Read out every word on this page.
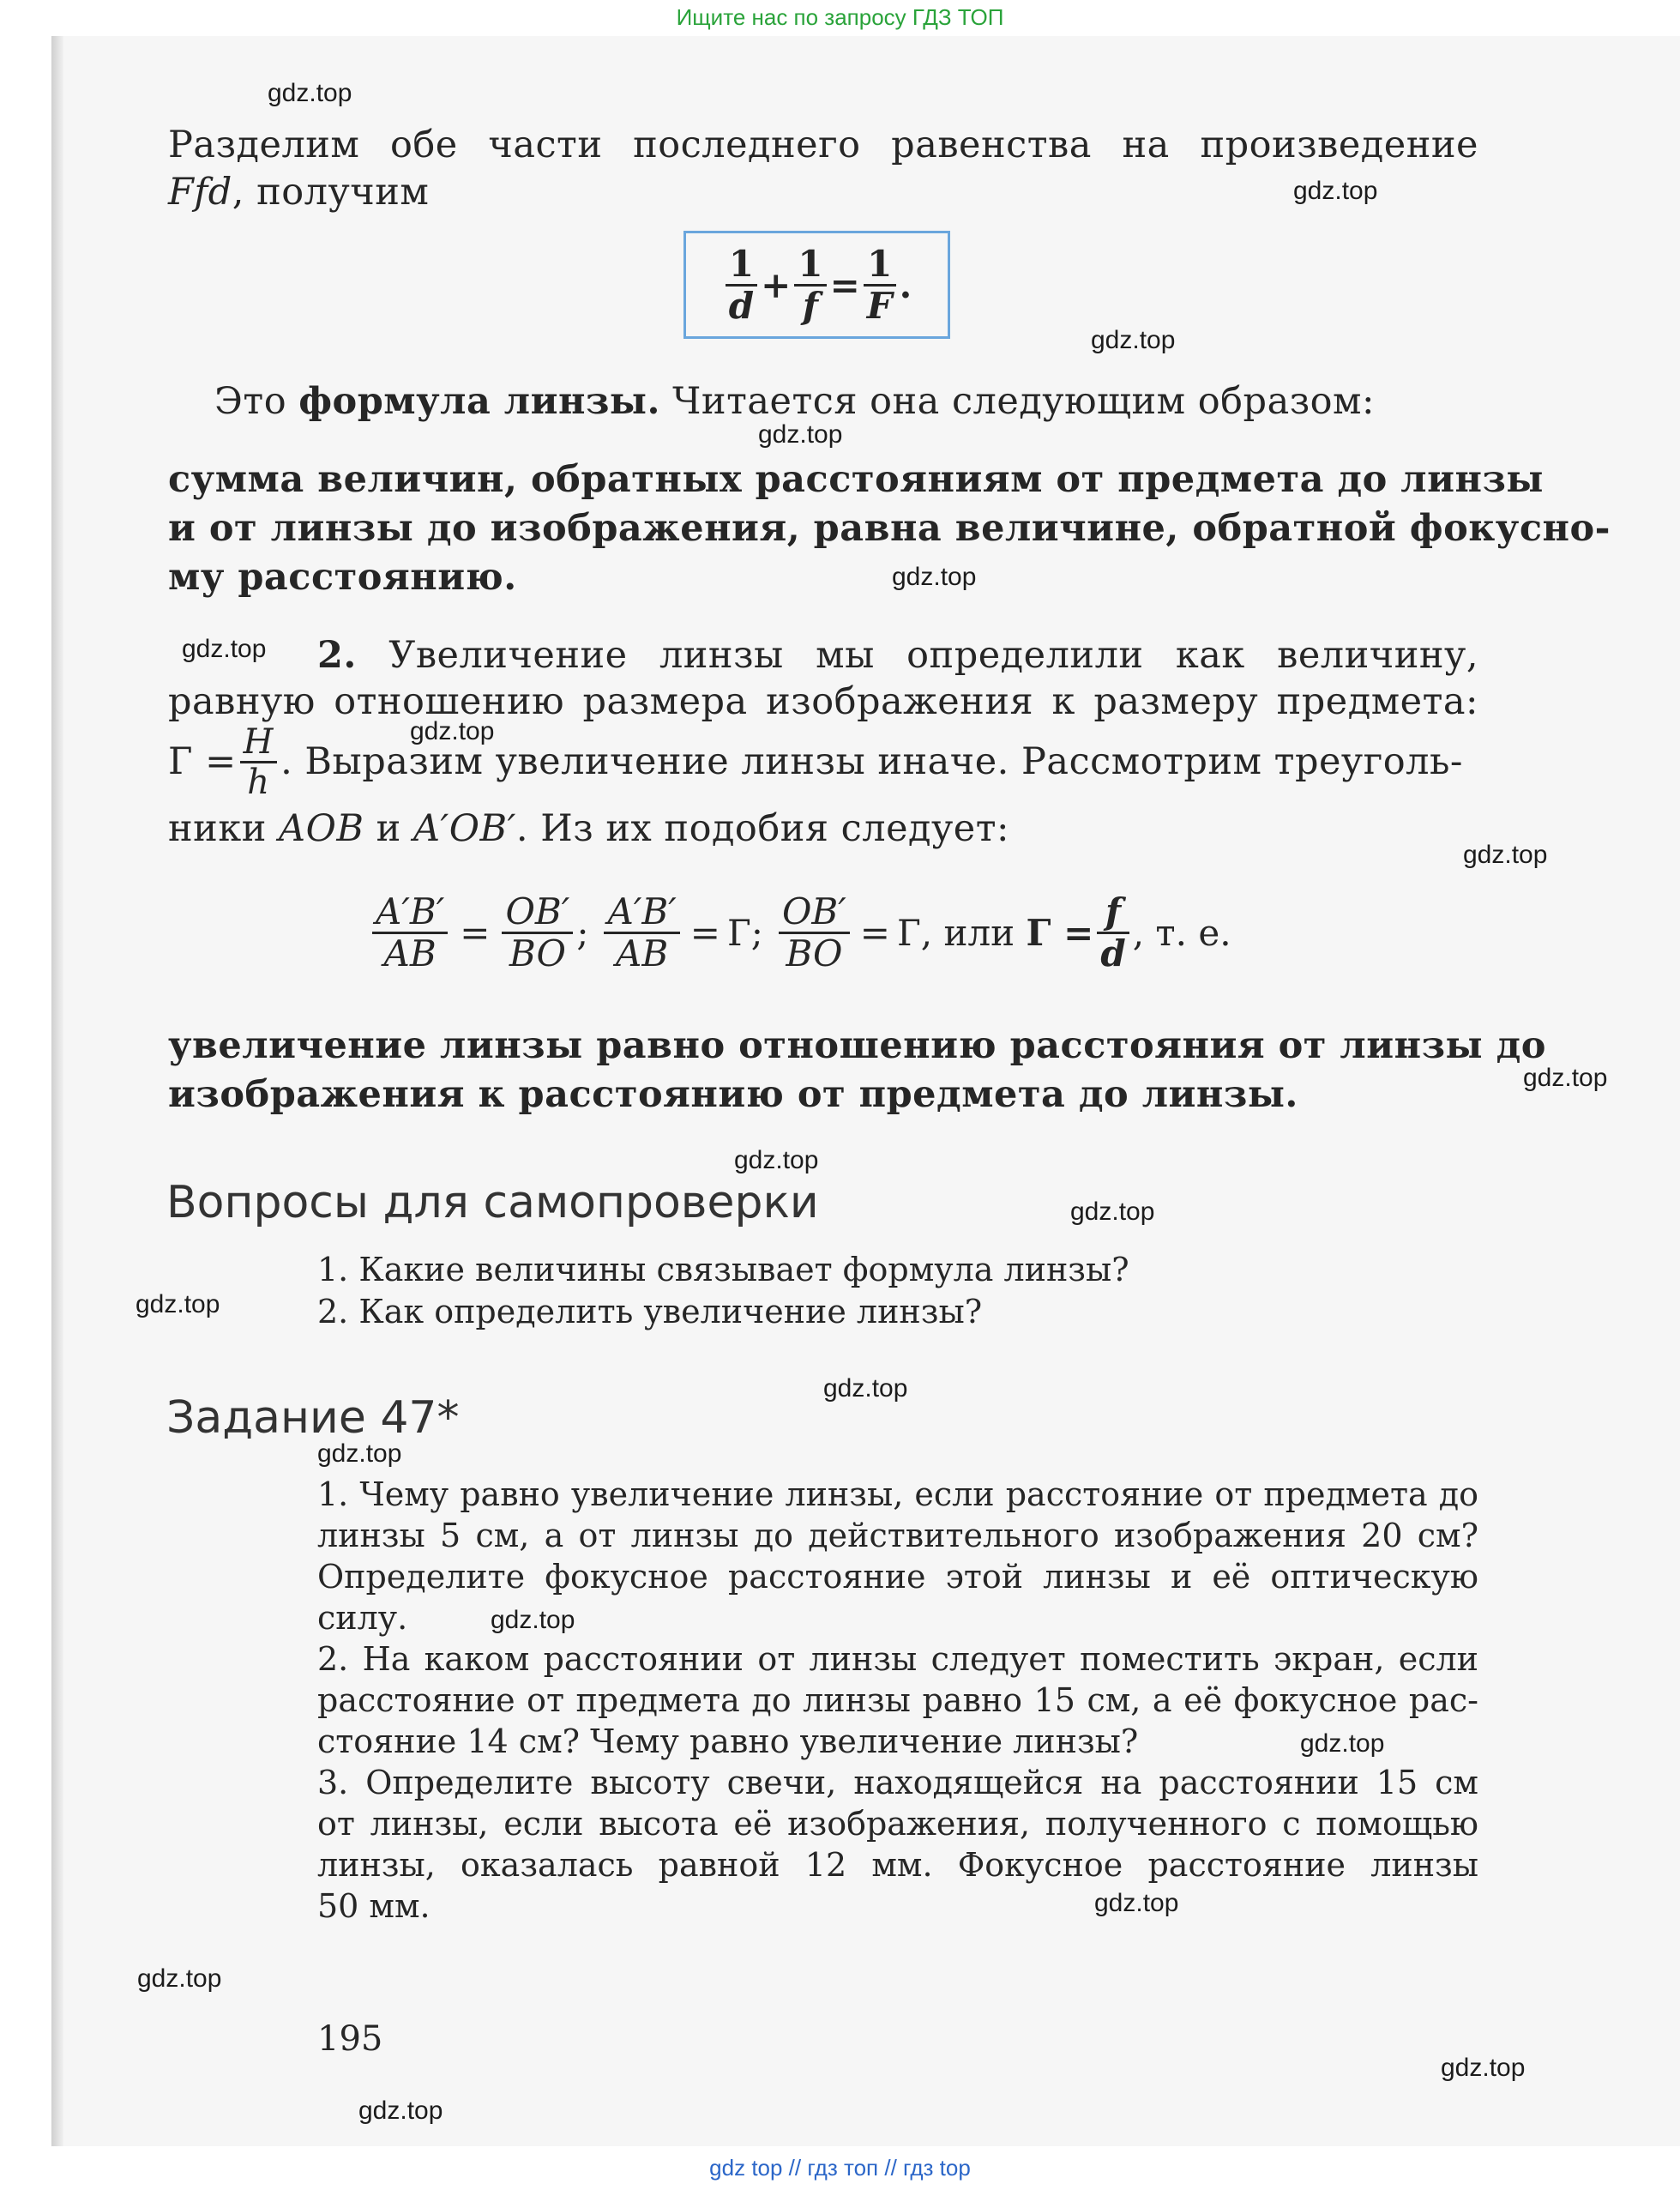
Ищите нас по запросу ГДЗ ТОП
Разделим обе части последнего равенства на произведение
Ffd, получим
$\frac{1}{d} + \frac{1}{f} = \frac{1}{F}$ .
Это формула линзы. Читается она следующим образом:
сумма величин, обратных расстояниям от предмета до линзы
и от линзы до изображения, равна величине, обратной фокусно-
му расстоянию.
2. Увеличение линзы мы определили как величину,
равную отношению размера изображения к размеру предмета:
$Г = \frac{H}{h}$ . Выразим увеличение линзы иначе. Рассмотрим треуголь-
ники AOB и A′OB′. Из их подобия следует:
$\frac{A'B'}{AB} = \frac{OB'}{BO}$ ; $\frac{A'B'}{AB} = Г$ ; $\frac{OB'}{BO} = Г$ , или $Г = \frac{f}{d}$ , т. е.
увеличение линзы равно отношению расстояния от линзы до
изображения к расстоянию от предмета до линзы.
Вопросы для самопроверки
1. Какие величины связывает формула линзы?
2. Как определить увеличение линзы?
Задание 47*
1. Чему равно увеличение линзы, если расстояние от предмета до
линзы 5 см, а от линзы до действительного изображения 20 см?
Определите фокусное расстояние этой линзы и её оптическую
силу.
2. На каком расстоянии от линзы следует поместить экран, если
расстояние от предмета до линзы равно 15 см, а её фокусное рас-
стояние 14 см? Чему равно увеличение линзы?
3. Определите высоту свечи, находящейся на расстоянии 15 см
от линзы, если высота её изображения, полученного с помощью
линзы, оказалась равной 12 мм. Фокусное расстояние линзы
50 мм.
195
gdz.top
gdz.top
gdz.top
gdz.top
gdz.top
gdz.top
gdz.top
gdz.top
gdz.top
gdz.top
gdz.top
gdz.top
gdz.top
gdz.top
gdz.top
gdz.top
gdz.top
gdz.top
gdz.top
gdz.top
gdz top // гдз топ // гдз top
